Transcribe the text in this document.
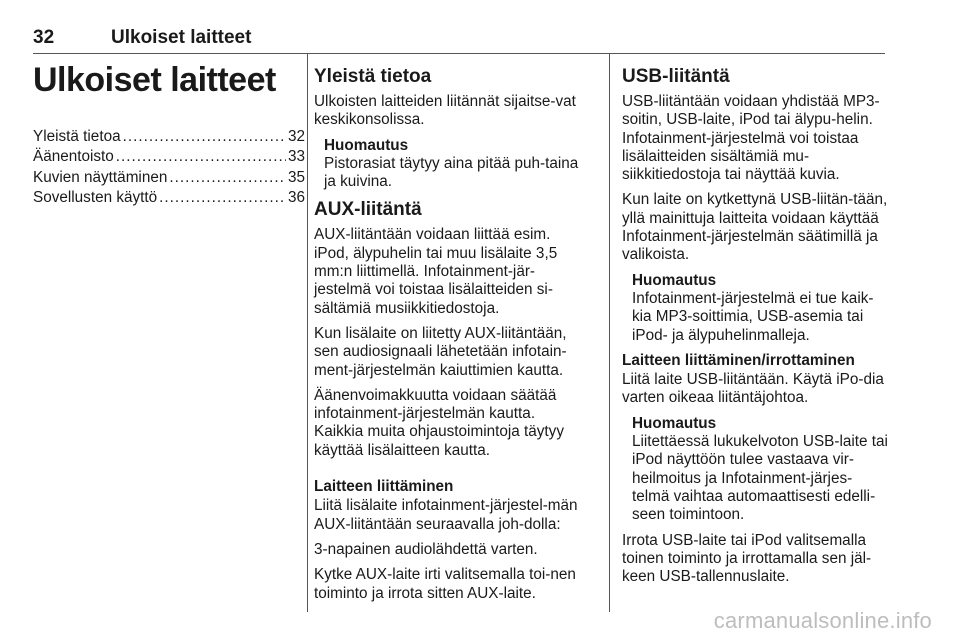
32	Ulkoiset laitteet
Ulkoiset laitteet
Yleistä tietoa .....	32
Äänentoisto .....	33
Kuvien näyttäminen .....	35
Sovellusten käyttö .....	36
Yleistä tietoa

Ulkoisten laitteiden liitännät sijaitse-vat keskikonsolissa.

Huomautus
Pistorasiat täytyy aina pitää puh-taina ja kuivina.
AUX-liitäntä

AUX-liitäntään voidaan liittää esim. iPod, älypuhelin tai muu lisälaite 3,5 mm:n liittimellä. Infotainment-jär-jestelmä voi toistaa lisälaitteiden si-sältämiä musiikkitiedostoja.

Kun lisälaite on liitetty AUX-liitäntään, sen audiosignaali lähetetään infotain-ment-järjestelmän kaiuttimien kautta.

Äänenvoimakkuutta voidaan säätää infotainment-järjestelmän kautta. Kaikkia muita ohjaustoimintoja täytyy käyttää lisälaitteen kautta.

Laitteen liittäminen

Liitä lisälaite infotainment-järjestel-män AUX-liitäntään seuraavalla joh-dolla:

3-napainen audiolähdettä varten.

Kytke AUX-laite irti valitsemalla toi-nen toiminto ja irrota sitten AUX-laite.

USB-liitäntä

USB-liitäntään voidaan yhdistää MP3-soitin, USB-laite, iPod tai älypu-helin. Infotainment-järjestelmä voi toistaa lisälaitteiden sisältämiä mu-siikkitiedostoja tai näyttää kuvia.

Kun laite on kytkettynä USB-liitän-tään, yllä mainittuja laitteita voidaan käyttää Infotainment-järjestelmän säätimillä ja valikoista.

Huomautus
Infotainment-järjestelmä ei tue kaik-kia MP3-soittimia, USB-asemia tai iPod- ja älypuhelinmalleja.
Laitteen liittäminen/irrottaminen

Liitä laite USB-liitäntään. Käytä iPo-dia varten oikeaa liitäntäjohtoa.

Huomautus
Liitettäessä lukukelvoton USB-laite tai iPod näyttöön tulee vastaava vir-heilmoitus ja Infotainment-järjes-telmä vaihtaa automaattisesti edelli-seen toimintoon.

Irrota USB-laite tai iPod valitsemalla toinen toiminto ja irrottamalla sen jäl-keen USB-tallennuslaite.

carmanualsonline.info
